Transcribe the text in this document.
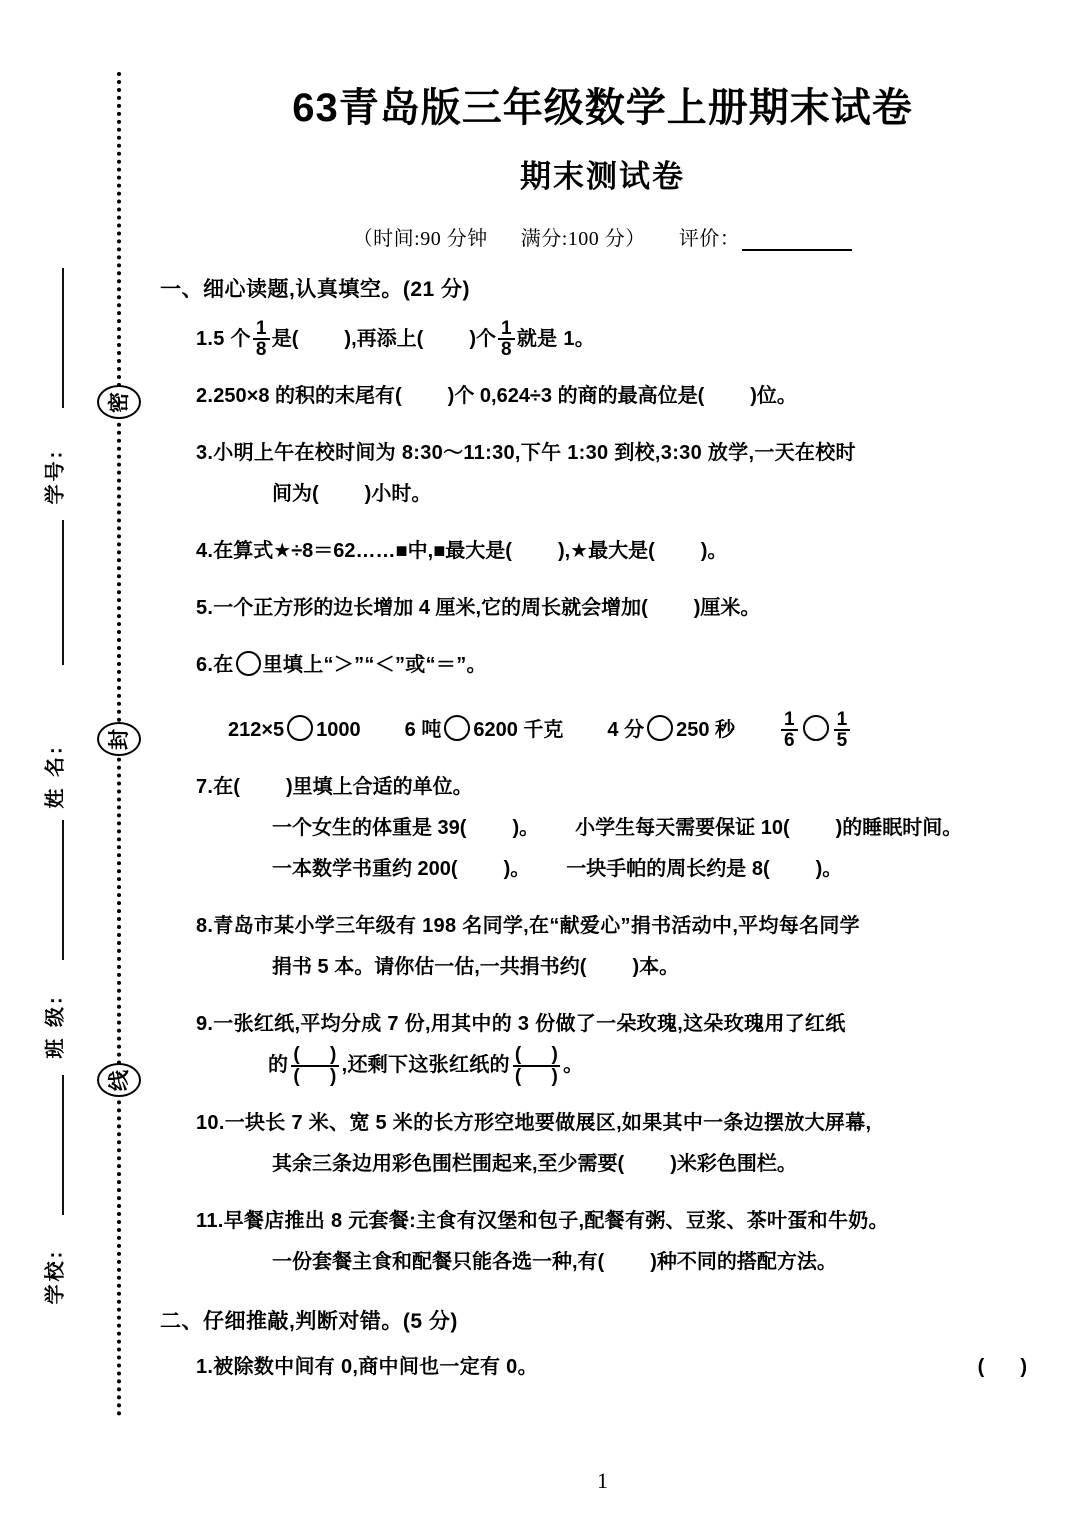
学号:
姓 名:
班 级:
学校:
密
封
线
63青岛版三年级数学上册期末试卷
期末测试卷
（时间:90 分钟 满分:100 分） 评价：
一、细心读题,认真填空。(21 分)
1.5 个 $\frac{1}{8}$ 是( ),再添上( )个 $\frac{1}{8}$ 就是 1。
2.250×8 的积的末尾有( )个 0,624÷3 的商的最高位是( )位。
3.小明上午在校时间为 8:30～11:30,下午 1:30 到校,3:30 放学,一天在校时
间为( )小时。
4.在算式★÷8＝62……■中,■最大是( ),★最大是( )。
5.一个正方形的边长增加 4 厘米,它的周长就会增加( )厘米。
6.在 里填上“＞”“＜”或“＝”。
212×5 1000 6 吨 6200 千克 4 分 250 秒 $\frac{1}{6} \frac{1}{5}$
7.在( )里填上合适的单位。
一个女生的体重是 39( )。 小学生每天需要保证 10( )的睡眠时间。
一本数学书重约 200( )。 一块手帕的周长约是 8( )。
8.青岛市某小学三年级有 198 名同学,在“献爱心”捐书活动中,平均每名同学
捐书 5 本。请你估一估,一共捐书约( )本。
9.一张红纸,平均分成 7 份,用其中的 3 份做了一朵玫瑰,这朵玫瑰用了红纸
的 $\frac{( )}{( )}$ ,还剩下这张红纸的 $\frac{( )}{( )}$ 。
10.一块长 7 米、宽 5 米的长方形空地要做展区,如果其中一条边摆放大屏幕,
其余三条边用彩色围栏围起来,至少需要( )米彩色围栏。
11.早餐店推出 8 元套餐:主食有汉堡和包子,配餐有粥、豆浆、茶叶蛋和牛奶。
一份套餐主食和配餐只能各选一种,有( )种不同的搭配方法。
二、仔细推敲,判断对错。(5 分)
1.被除数中间有 0,商中间也一定有 0。	( )
1
